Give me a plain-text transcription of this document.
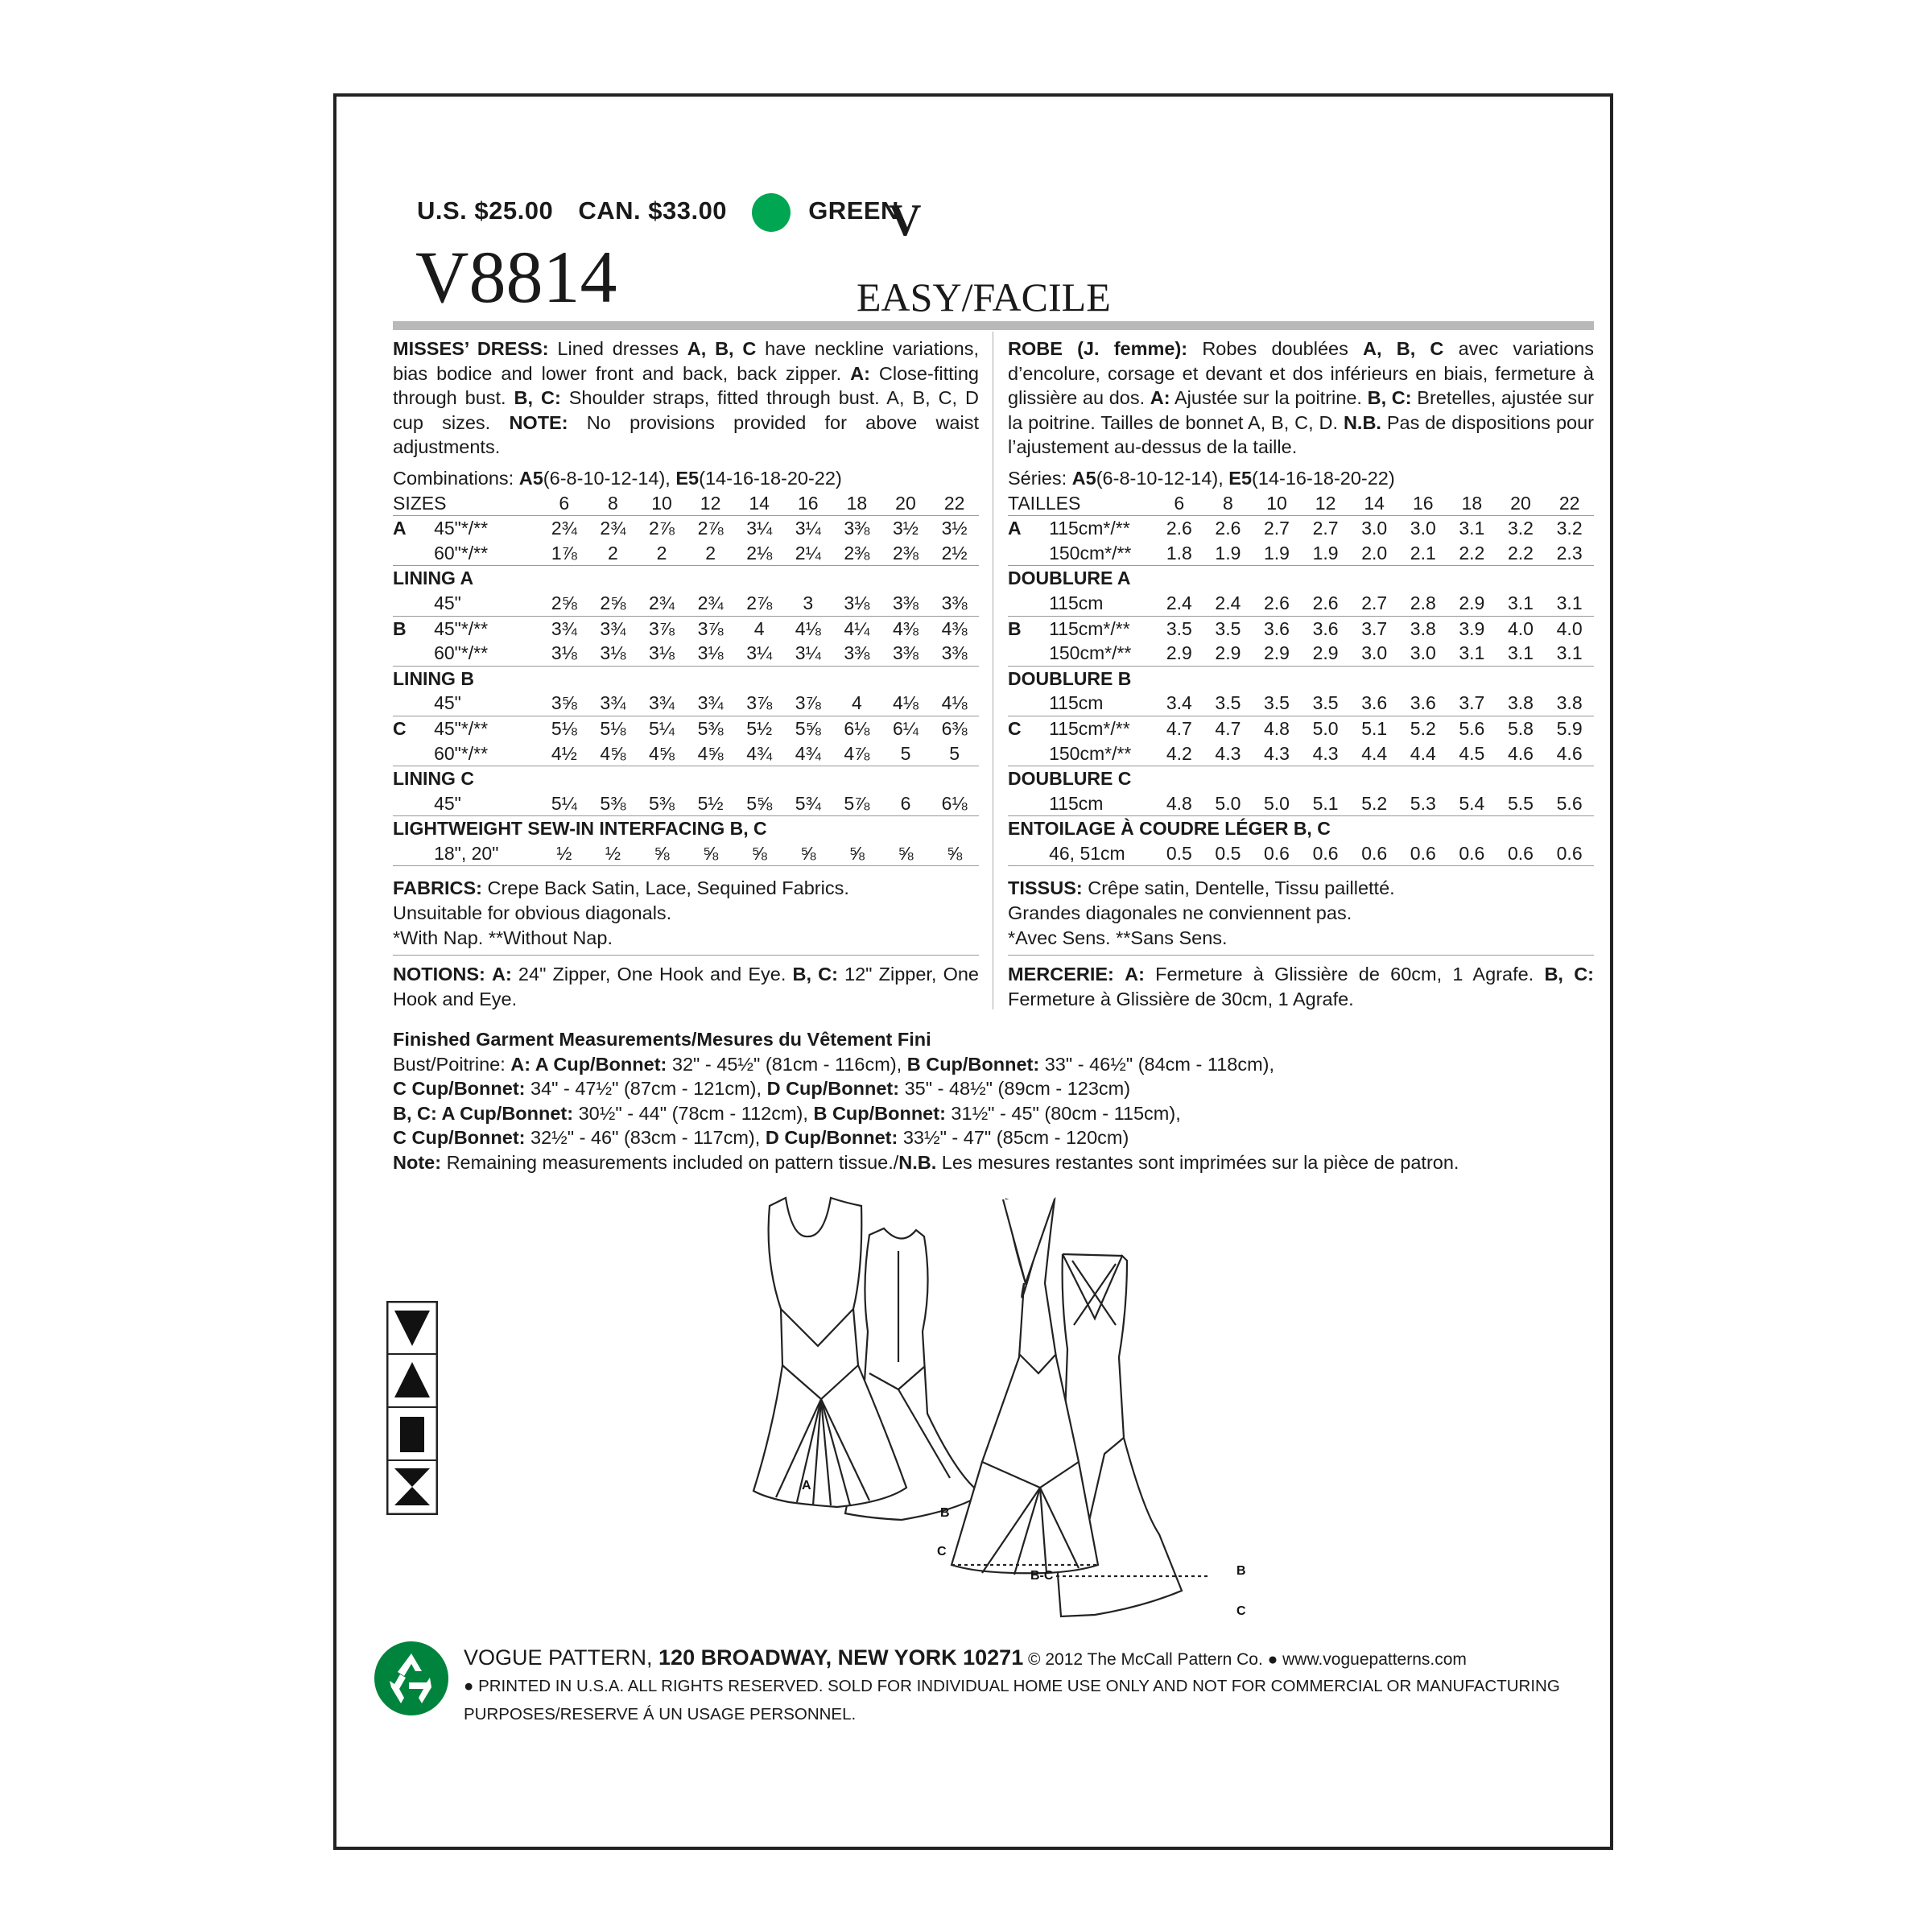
U.S. $25.00 CAN. $33.00	GREEN
V
V8814	EASY/FACILE
MISSES’ DRESS: Lined dresses A, B, C have neckline variations, bias bodice and lower front and back, back zipper. A: Close-fitting through bust. B, C: Shoulder straps, fitted through bust. A, B, C, D cup sizes. NOTE: No provisions provided for above waist adjustments.
Combinations: A5(6-8-10-12-14), E5(14-16-18-20-22)
SIZES		6	8	10	12	14	16	18	20	22
A	45"*/**	2¾	2¾	2⅞	2⅞	3¼	3¼	3⅜	3½	3½
	60"*/**	1⅞	2	2	2	2⅛	2¼	2⅜	2⅜	2½
LINING A										
	45"	2⅝	2⅝	2¾	2¾	2⅞	3	3⅛	3⅜	3⅜
B	45"*/**	3¾	3¾	3⅞	3⅞	4	4⅛	4¼	4⅜	4⅜
	60"*/**	3⅛	3⅛	3⅛	3⅛	3¼	3¼	3⅜	3⅜	3⅜
LINING B										
	45"	3⅝	3¾	3¾	3¾	3⅞	3⅞	4	4⅛	4⅛
C	45"*/**	5⅛	5⅛	5¼	5⅜	5½	5⅝	6⅛	6¼	6⅜
	60"*/**	4½	4⅝	4⅝	4⅝	4¾	4¾	4⅞	5	5
LINING C										
	45"	5¼	5⅜	5⅜	5½	5⅝	5¾	5⅞	6	6⅛
LIGHTWEIGHT SEW-IN INTERFACING B, C										
	18", 20"	½	½	⅝	⅝	⅝	⅝	⅝	⅝	⅝
FABRICS: Crepe Back Satin, Lace, Sequined Fabrics.
Unsuitable for obvious diagonals.
*With Nap. **Without Nap.
NOTIONS: A: 24" Zipper, One Hook and Eye. B, C: 12" Zipper, One Hook and Eye.
ROBE (J. femme): Robes doublées A, B, C avec variations d’encolure, corsage et devant et dos inférieurs en biais, fermeture à glissière au dos. A: Ajustée sur la poitrine. B, C: Bretelles, ajustée sur la poitrine. Tailles de bonnet A, B, C, D. N.B. Pas de dispositions pour l’ajustement au-dessus de la taille.
Séries: A5(6-8-10-12-14), E5(14-16-18-20-22)
TAILLES		6	8	10	12	14	16	18	20	22
A	115cm*/**	2.6	2.6	2.7	2.7	3.0	3.0	3.1	3.2	3.2
	150cm*/**	1.8	1.9	1.9	1.9	2.0	2.1	2.2	2.2	2.3
DOUBLURE A										
	115cm	2.4	2.4	2.6	2.6	2.7	2.8	2.9	3.1	3.1
B	115cm*/**	3.5	3.5	3.6	3.6	3.7	3.8	3.9	4.0	4.0
	150cm*/**	2.9	2.9	2.9	2.9	3.0	3.0	3.1	3.1	3.1
DOUBLURE B										
	115cm	3.4	3.5	3.5	3.5	3.6	3.6	3.7	3.8	3.8
C	115cm*/**	4.7	4.7	4.8	5.0	5.1	5.2	5.6	5.8	5.9
	150cm*/**	4.2	4.3	4.3	4.3	4.4	4.4	4.5	4.6	4.6
DOUBLURE C										
	115cm	4.8	5.0	5.0	5.1	5.2	5.3	5.4	5.5	5.6
ENTOILAGE À COUDRE LÉGER B, C										
	46, 51cm	0.5	0.5	0.6	0.6	0.6	0.6	0.6	0.6	0.6
TISSUS: Crêpe satin, Dentelle, Tissu pailletté.
Grandes diagonales ne conviennent pas.
*Avec Sens. **Sans Sens.
MERCERIE: A: Fermeture à Glissière de 60cm, 1 Agrafe. B, C: Fermeture à Glissière de 30cm, 1 Agrafe.
Finished Garment Measurements/Mesures du Vêtement Fini
Bust/Poitrine: A: A Cup/Bonnet: 32" - 45½" (81cm - 116cm), B Cup/Bonnet: 33" - 46½" (84cm - 118cm),
C Cup/Bonnet: 34" - 47½" (87cm - 121cm), D Cup/Bonnet: 35" - 48½" (89cm - 123cm)
B, C: A Cup/Bonnet: 30½" - 44" (78cm - 112cm), B Cup/Bonnet: 31½" - 45" (80cm - 115cm),
C Cup/Bonnet: 32½" - 46" (83cm - 117cm), D Cup/Bonnet: 33½" - 47" (85cm - 120cm)
Note: Remaining measurements included on pattern tissue./N.B. Les mesures restantes sont imprimées sur la pièce de patron.
A
B
C
B-C	B
C
VOGUE PATTERN, 120 BROADWAY, NEW YORK 10271 © 2012 The McCall Pattern Co. ● www.voguepatterns.com
● PRINTED IN U.S.A. ALL RIGHTS RESERVED. SOLD FOR INDIVIDUAL HOME USE ONLY AND NOT FOR COMMERCIAL OR MANUFACTURING PURPOSES/RESERVE Á UN USAGE PERSONNEL.
